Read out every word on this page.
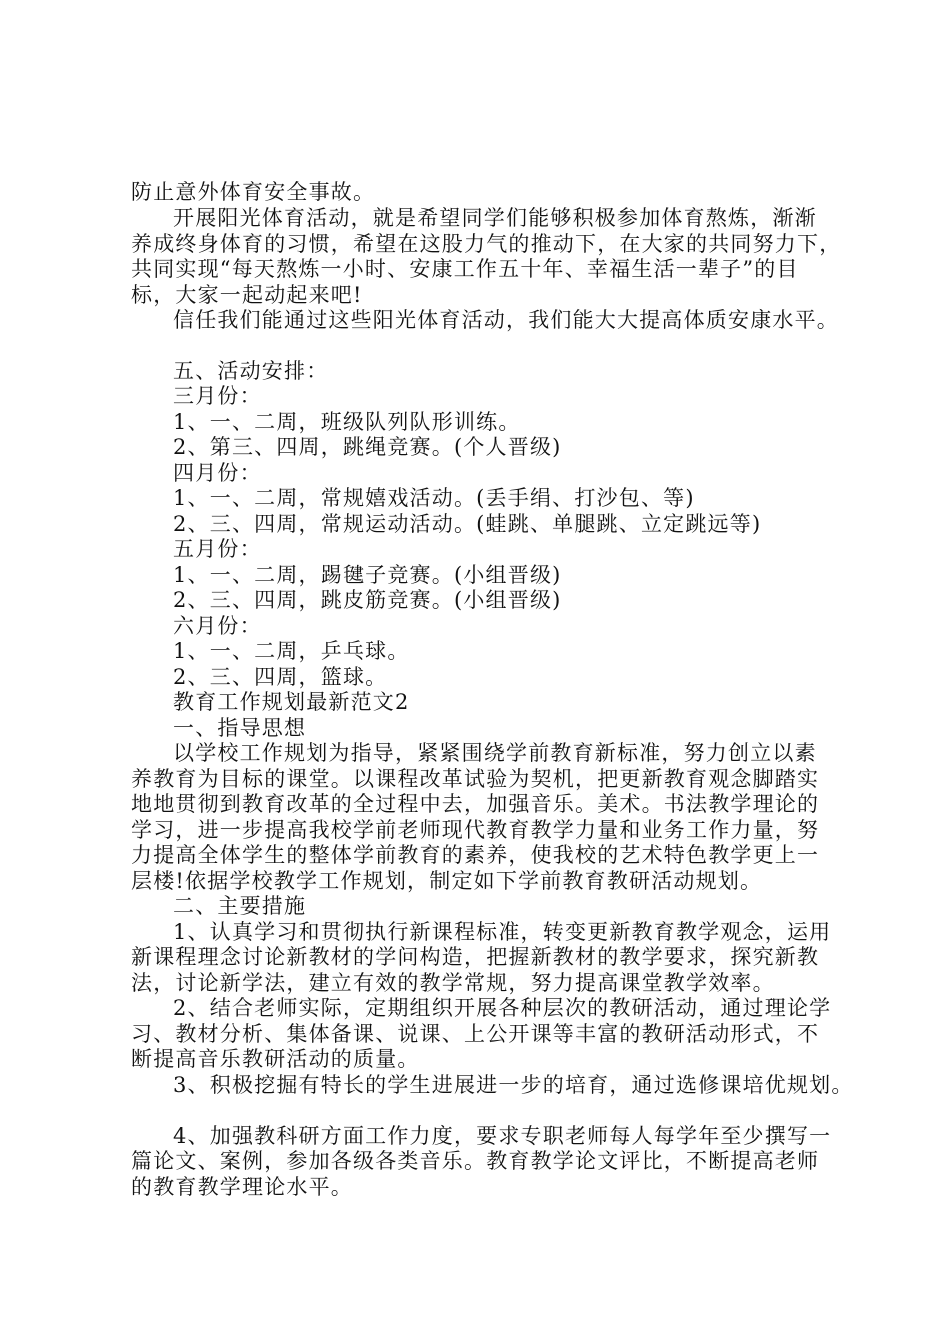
防止意外体育安全事故。

开展阳光体育活动，就是希望同学们能够积极参加体育熬炼，渐渐

养成终身体育的习惯，希望在这股力气的推动下，在大家的共同努力下，

共同实现“每天熬炼一小时、安康工作五十年、幸福生活一辈子”的目

标，大家一起动起来吧!

信任我们能通过这些阳光体育活动，我们能大大提高体质安康水平。

五、活动安排：

三月份：

1、一、二周，班级队列队形训练。

2、第三、四周，跳绳竞赛。(个人晋级)

四月份：

1、一、二周，常规嬉戏活动。(丢手绢、打沙包、等)

2、三、四周，常规运动活动。(蛙跳、单腿跳、立定跳远等)

五月份：

1、一、二周，踢毽子竞赛。(小组晋级)

2、三、四周，跳皮筋竞赛。(小组晋级)

六月份：

1、一、二周，乒乓球。

2、三、四周，篮球。

教育工作规划最新范文2

一、指导思想

以学校工作规划为指导，紧紧围绕学前教育新标准，努力创立以素

养教育为目标的课堂。以课程改革试验为契机，把更新教育观念脚踏实

地地贯彻到教育改革的全过程中去，加强音乐。美术。书法教学理论的

学习，进一步提高我校学前老师现代教育教学力量和业务工作力量，努

力提高全体学生的整体学前教育的素养，使我校的艺术特色教学更上一

层楼!依据学校教学工作规划，制定如下学前教育教研活动规划。

二、主要措施

1、认真学习和贯彻执行新课程标准，转变更新教育教学观念，运用

新课程理念讨论新教材的学问构造，把握新教材的教学要求，探究新教

法，讨论新学法，建立有效的教学常规，努力提高课堂教学效率。

2、结合老师实际，定期组织开展各种层次的教研活动，通过理论学

习、教材分析、集体备课、说课、上公开课等丰富的教研活动形式，不

断提高音乐教研活动的质量。

3、积极挖掘有特长的学生进展进一步的培育，通过选修课培优规划。

4、加强教科研方面工作力度，要求专职老师每人每学年至少撰写一

篇论文、案例，参加各级各类音乐。教育教学论文评比，不断提高老师

的教育教学理论水平。
